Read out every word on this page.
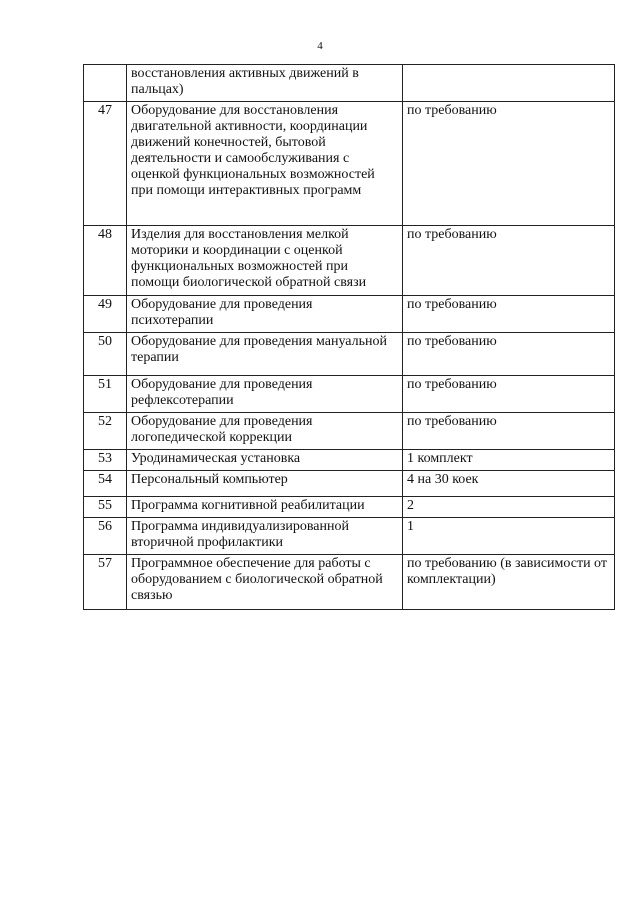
4
	восстановления активных движений в пальцах)	
47	Оборудование для восстановления двигательной активности, координации движений конечностей, бытовой деятельности и самообслуживания с оценкой функциональных возможностей при помощи интерактивных программ	по требованию
48	Изделия для восстановления мелкой моторики и координации с оценкой функциональных возможностей при помощи биологической обратной связи	по требованию
49	Оборудование для проведения психотерапии	по требованию
50	Оборудование для проведения мануальной терапии	по требованию
51	Оборудование для проведения рефлексотерапии	по требованию
52	Оборудование для проведения логопедической коррекции	по требованию
53	Уродинамическая установка	1 комплект
54	Персональный компьютер	4 на 30 коек
55	Программа когнитивной реабилитации	2
56	Программа индивидуализированной вторичной профилактики	1
57	Программное обеспечение для работы с оборудованием с биологической обратной связью	по требованию (в зависимости от комплектации)
